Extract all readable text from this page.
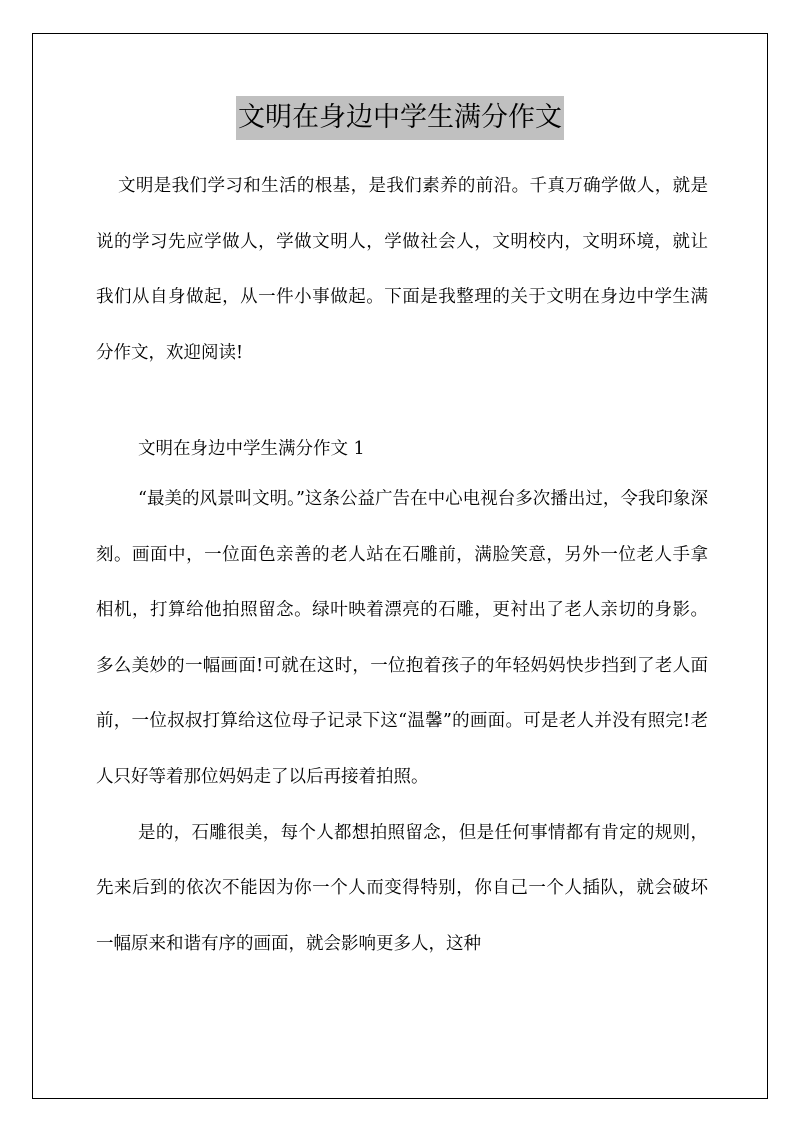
文明在身边中学生满分作文

文明是我们学习和生活的根基，是我们素养的前沿。千真万确学做人，就是说的学习先应学做人，学做文明人，学做社会人，文明校内，文明环境，就让我们从自身做起，从一件小事做起。下面是我整理的关于文明在身边中学生满分作文，欢迎阅读!

文明在身边中学生满分作文 1

“最美的风景叫文明。”这条公益广告在中心电视台多次播出过，令我印象深刻。画面中，一位面色亲善的老人站在石雕前，满脸笑意，另外一位老人手拿相机，打算给他拍照留念。绿叶映着漂亮的石雕，更衬出了老人亲切的身影。多么美妙的一幅画面!可就在这时，一位抱着孩子的年轻妈妈快步挡到了老人面前，一位叔叔打算给这位母子记录下这“温馨”的画面。可是老人并没有照完!老人只好等着那位妈妈走了以后再接着拍照。

是的，石雕很美，每个人都想拍照留念，但是任何事情都有肯定的规则，先来后到的依次不能因为你一个人而变得特别，你自己一个人插队，就会破坏一幅原来和谐有序的画面，就会影响更多人，这种
